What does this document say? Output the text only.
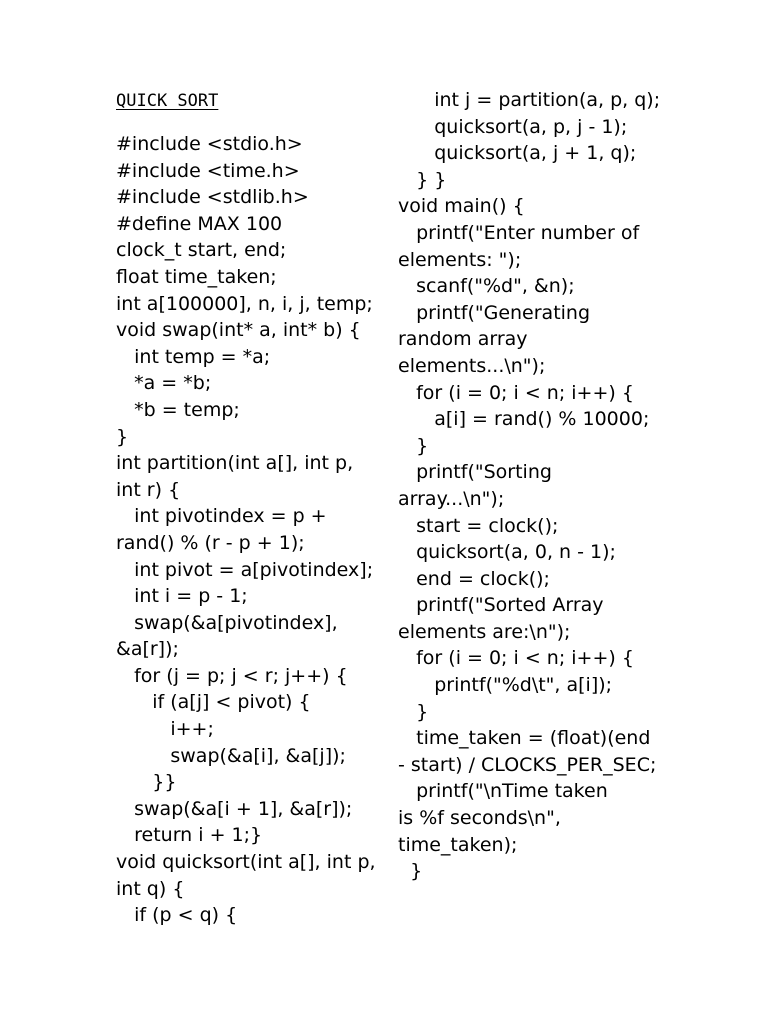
QUICK SORT
#include <stdio.h>
#include <time.h>
#include <stdlib.h>
#define MAX 100
clock_t start, end;
float time_taken;
int a[100000], n, i, j, temp;
void swap(int* a, int* b) {
int temp = *a;
*a = *b;
*b = temp;
}
int partition(int a[], int p,
int r) {
int pivotindex = p +
rand() % (r - p + 1);
int pivot = a[pivotindex];
int i = p - 1;
swap(&a[pivotindex],
&a[r]);
for (j = p; j < r; j++) {
if (a[j] < pivot) {
i++;
swap(&a[i], &a[j]);
}}
swap(&a[i + 1], &a[r]);
return i + 1;}
void quicksort(int a[], int p,
int q) {
if (p < q) {
int j = partition(a, p, q);
quicksort(a, p, j - 1);
quicksort(a, j + 1, q);
} }
void main() {
printf("Enter number of
elements: ");
scanf("%d", &n);
printf("Generating
random array
elements...\n");
for (i = 0; i < n; i++) {
a[i] = rand() % 10000;
}
printf("Sorting
array...\n");
start = clock();
quicksort(a, 0, n - 1);
end = clock();
printf("Sorted Array
elements are:\n");
for (i = 0; i < n; i++) {
printf("%d\t", a[i]);
}
time_taken = (float)(end
- start) / CLOCKS_PER_SEC;
printf("\nTime taken
is %f seconds\n",
time_taken);
}
